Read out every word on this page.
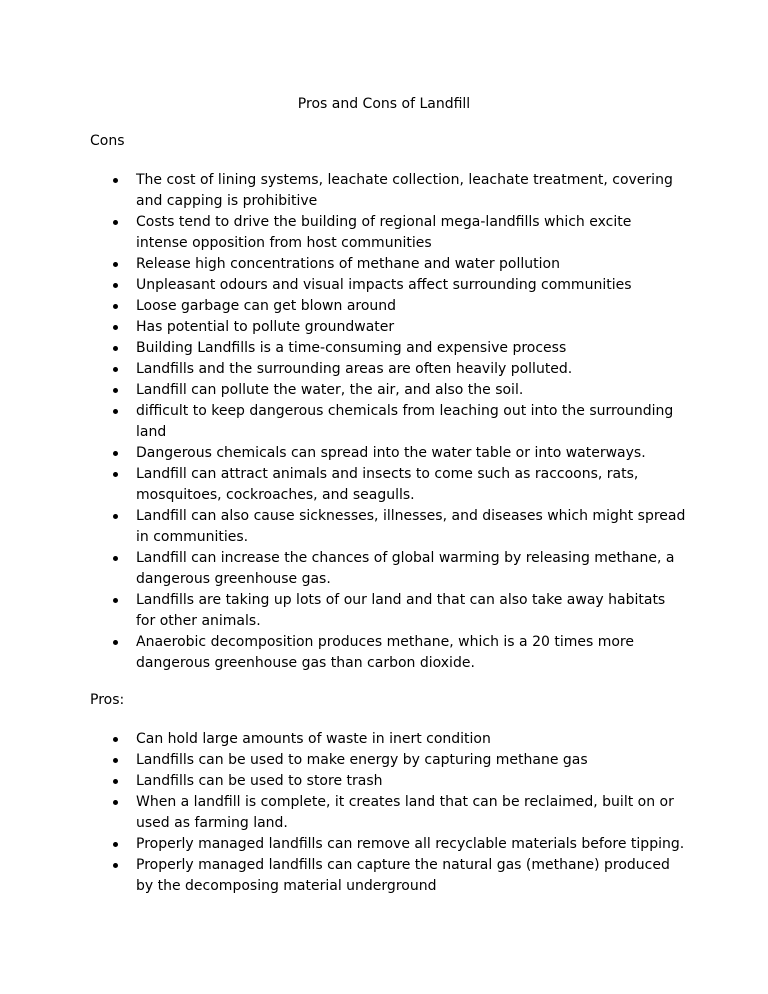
Pros and Cons of Landfill
Cons
The cost of lining systems, leachate collection, leachate treatment, covering and capping is prohibitive
Costs tend to drive the building of regional mega-landfills which excite intense opposition from host communities
Release high concentrations of methane and water pollution
Unpleasant odours and visual impacts affect surrounding communities
Loose garbage can get blown around
Has potential to pollute groundwater
Building Landfills is a time-consuming and expensive process
Landfills and the surrounding areas are often heavily polluted.
Landfill can pollute the water, the air, and also the soil.
difficult to keep dangerous chemicals from leaching out into the surrounding land
Dangerous chemicals can spread into the water table or into waterways.
Landfill can attract animals and insects to come such as raccoons, rats, mosquitoes, cockroaches, and seagulls.
Landfill can also cause sicknesses, illnesses, and diseases which might spread in communities.
Landfill can increase the chances of global warming by releasing methane, a dangerous greenhouse gas.
Landfills are taking up lots of our land and that can also take away habitats for other animals.
Anaerobic decomposition produces methane, which is a 20 times more dangerous greenhouse gas than carbon dioxide.
Pros:
Can hold large amounts of waste in inert condition
Landfills can be used to make energy by capturing methane gas
Landfills can be used to store trash
When a landfill is complete, it creates land that can be reclaimed, built on or used as farming land.
Properly managed landfills can remove all recyclable materials before tipping.
Properly managed landfills can capture the natural gas (methane) produced by the decomposing material underground
